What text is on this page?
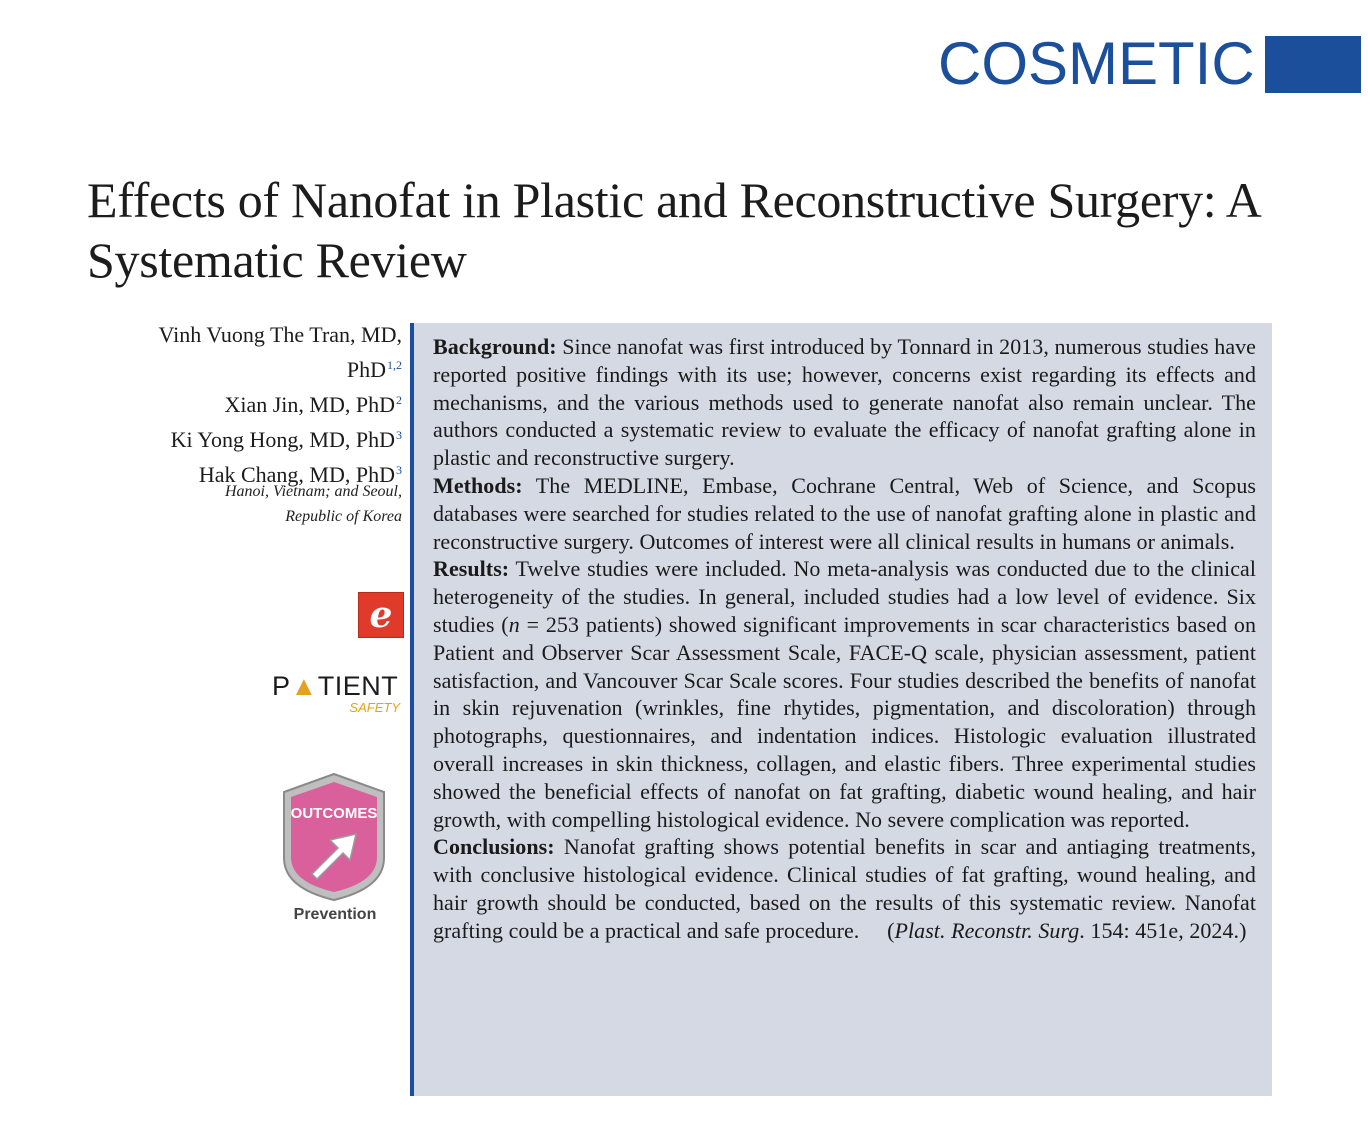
COSMETIC
Effects of Nanofat in Plastic and Reconstructive Surgery: A Systematic Review
Vinh Vuong The Tran, MD,
PhD$^{1,2}$
Xian Jin, MD, PhD$^2$
Ki Yong Hong, MD, PhD$^3$
Hak Chang, MD, PhD$^3$
Hanoi, Vietnam; and Seoul,
Republic of Korea
e
P▲TIENT
SAFETY
OUTCOMES
Prevention

Background: Since nanofat was first introduced by Tonnard in 2013, numerous studies have reported positive findings with its use; however, concerns exist regarding its effects and mechanisms, and the various methods used to generate nanofat also remain unclear. The authors conducted a systematic review to evaluate the efficacy of nanofat grafting alone in plastic and reconstructive surgery.

Methods: The MEDLINE, Embase, Cochrane Central, Web of Science, and Scopus databases were searched for studies related to the use of nanofat grafting alone in plastic and reconstructive surgery. Outcomes of interest were all clinical results in humans or animals.

Results: Twelve studies were included. No meta-analysis was conducted due to the clinical heterogeneity of the studies. In general, included studies had a low level of evidence. Six studies (n = 253 patients) showed significant improvements in scar characteristics based on Patient and Observer Scar Assessment Scale, FACE-Q scale, physician assessment, patient satisfaction, and Vancouver Scar Scale scores. Four studies described the benefits of nanofat in skin rejuvenation (wrinkles, fine rhytides, pigmentation, and discoloration) through photographs, questionnaires, and indentation indices. Histologic evaluation illustrated overall increases in skin thickness, collagen, and elastic fibers. Three experimental studies showed the beneficial effects of nanofat on fat grafting, diabetic wound healing, and hair growth, with compelling histological evidence. No severe complication was reported.

Conclusions: Nanofat grafting shows potential benefits in scar and antiaging treatments, with conclusive histological evidence. Clinical studies of fat grafting, wound healing, and hair growth should be conducted, based on the results of this systematic review. Nanofat grafting could be a practical and safe procedure. (Plast. Reconstr. Surg. 154: 451e, 2024.)
